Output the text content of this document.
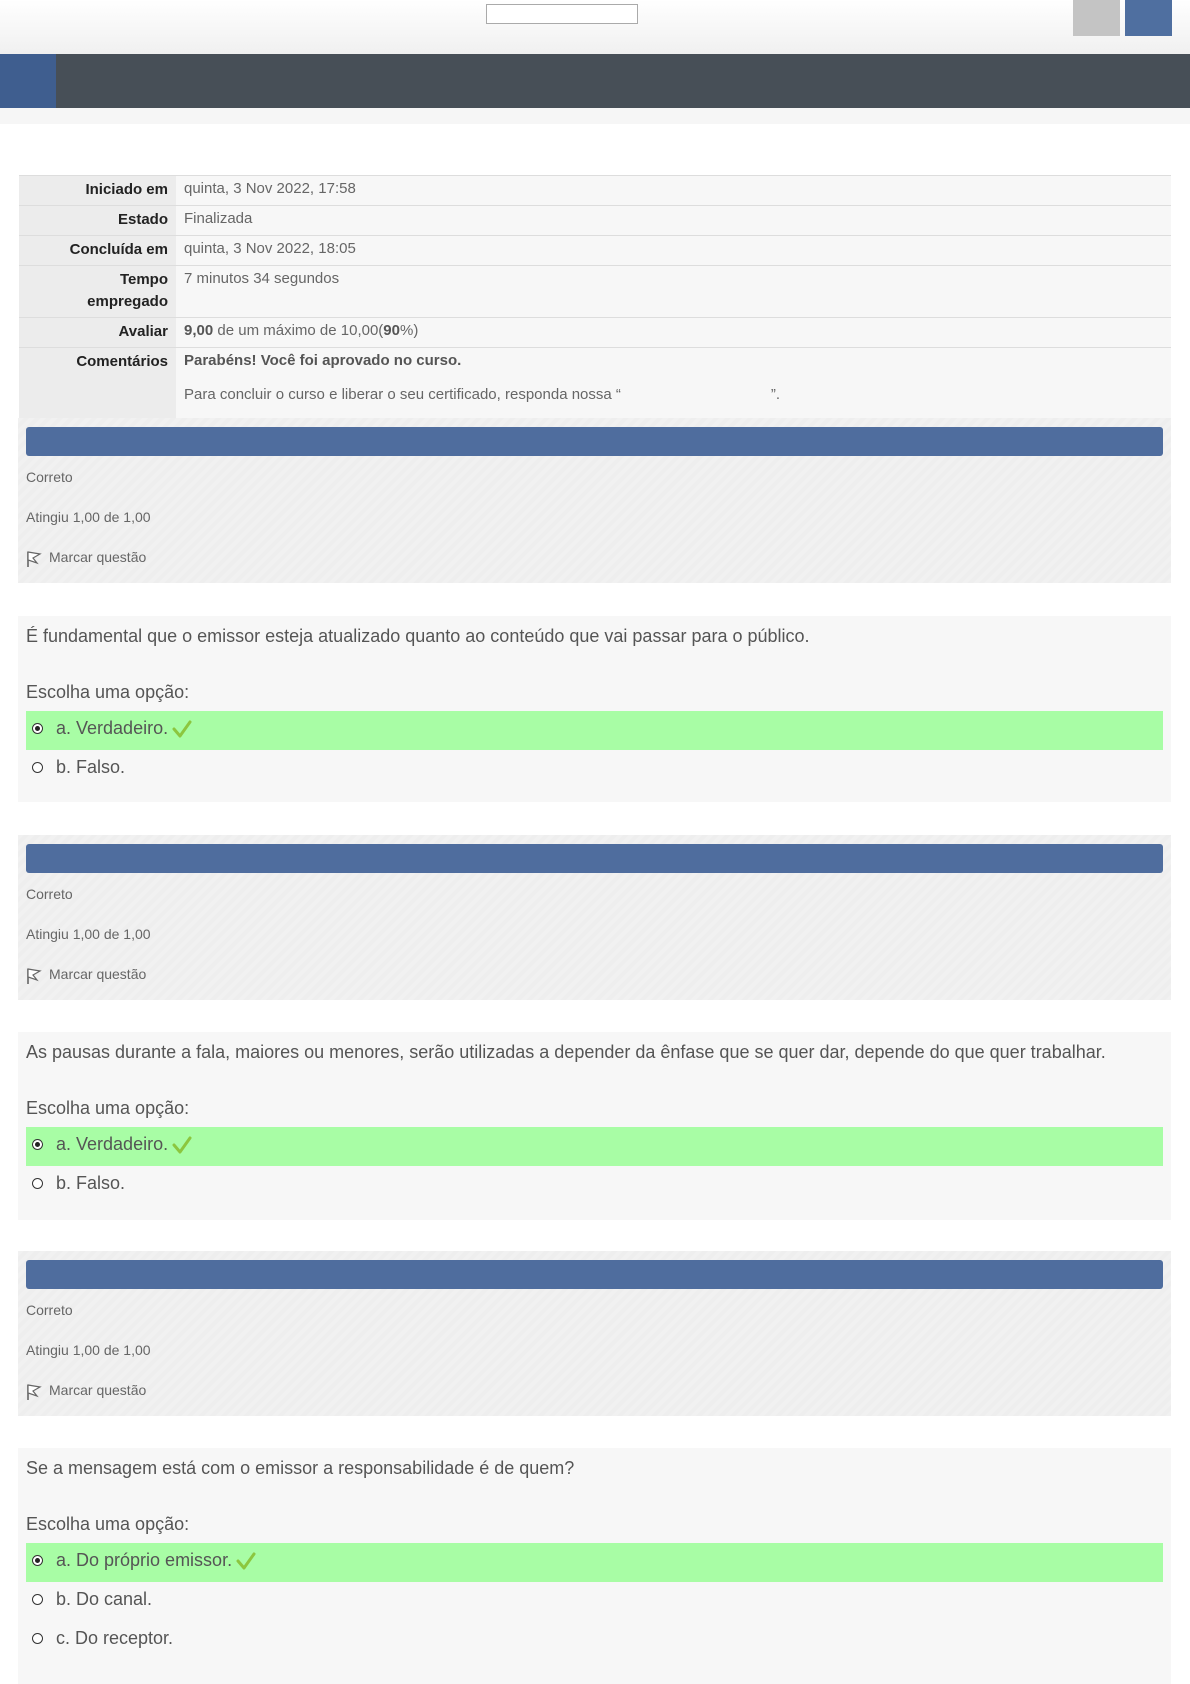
Iniciado em	quinta, 3 Nov 2022, 17:58
Estado	Finalizada
Concluída em	quinta, 3 Nov 2022, 18:05
Tempo
empregado	7 minutos 34 segundos
Avaliar	9,00 de um máximo de 10,00(90%)
Comentários	Parabéns! Você foi aprovado no curso.
Para concluir o curso e liberar o seu certificado, responda nossa “ ”.

Correto
Atingiu 1,00 de 1,00
Marcar questão
É fundamental que o emissor esteja atualizado quanto ao conteúdo que vai passar para o público.
Escolha uma opção:
a. Verdadeiro.
b. Falso.
Correto
Atingiu 1,00 de 1,00
Marcar questão
As pausas durante a fala, maiores ou menores, serão utilizadas a depender da ênfase que se quer dar, depende do que quer trabalhar.
Escolha uma opção:
a. Verdadeiro.
b. Falso.
Correto
Atingiu 1,00 de 1,00
Marcar questão
Se a mensagem está com o emissor a responsabilidade é de quem?
Escolha uma opção:
a. Do próprio emissor.
b. Do canal.
c. Do receptor.
